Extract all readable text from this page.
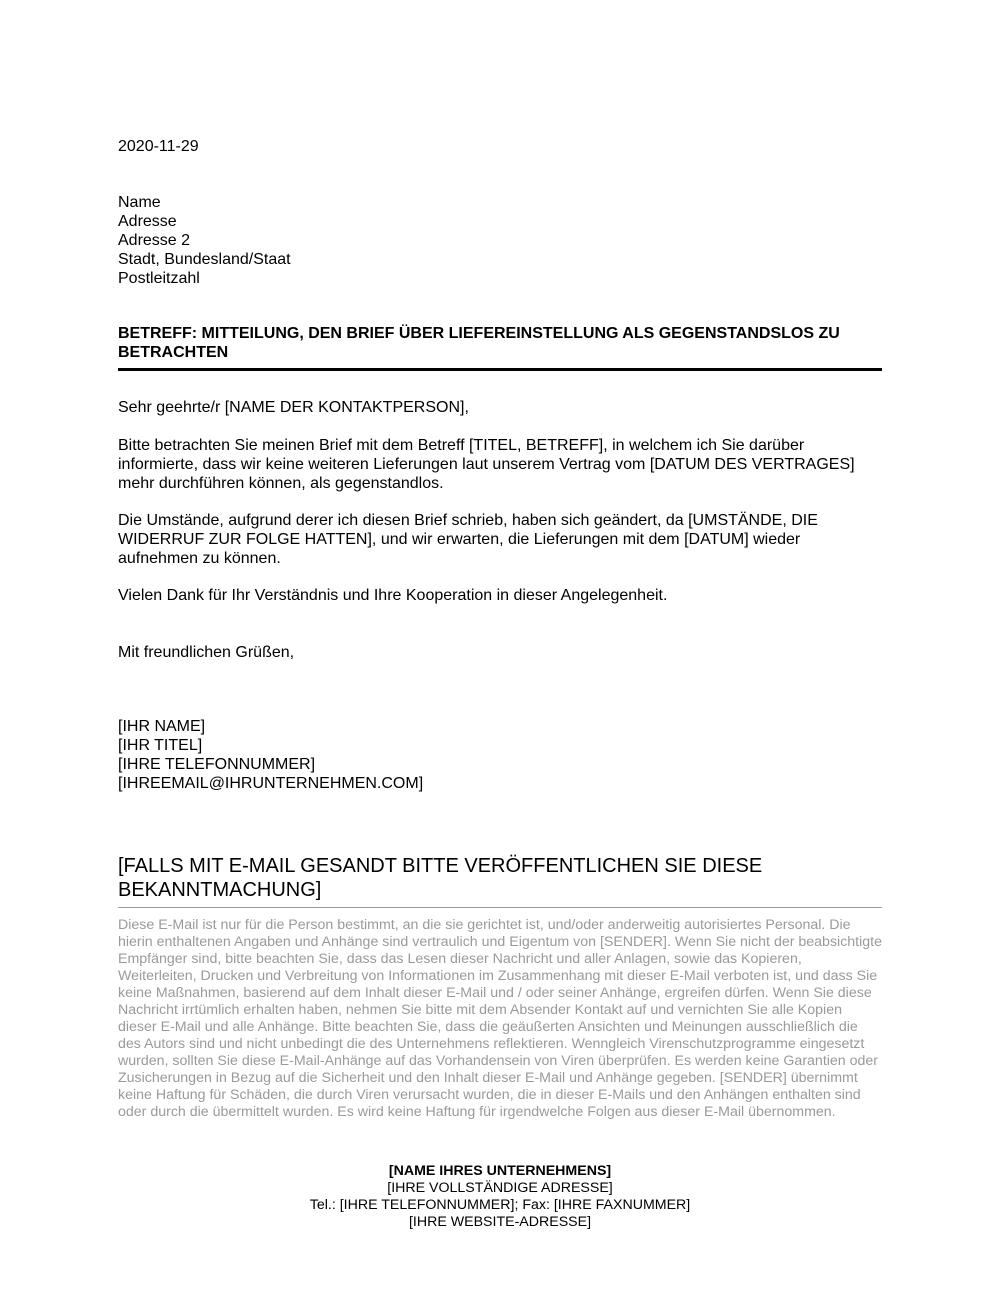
2020-11-29
Name
Adresse
Adresse 2
Stadt, Bundesland/Staat
Postleitzahl
BETREFF: MITTEILUNG, DEN BRIEF ÜBER LIEFEREINSTELLUNG ALS GEGENSTANDSLOS ZU BETRACHTEN
Sehr geehrte/r [NAME DER KONTAKTPERSON],
Bitte betrachten Sie meinen Brief mit dem Betreff [TITEL, BETREFF], in welchem ich Sie darüber informierte, dass wir keine weiteren Lieferungen laut unserem Vertrag vom [DATUM DES VERTRAGES] mehr durchführen können, als gegenstandlos.
Die Umstände, aufgrund derer ich diesen Brief schrieb, haben sich geändert, da [UMSTÄNDE, DIE WIDERRUF ZUR FOLGE HATTEN], und wir erwarten, die Lieferungen mit dem [DATUM] wieder aufnehmen zu können.
Vielen Dank für Ihr Verständnis und Ihre Kooperation in dieser Angelegenheit.
Mit freundlichen Grüßen,
[IHR NAME]
[IHR TITEL]
[IHRE TELEFONNUMMER]
[IHREEMAIL@IHRUNTERNEHMEN.COM]
[FALLS MIT E-MAIL GESANDT BITTE VERÖFFENTLICHEN SIE DIESE BEKANNTMACHUNG]
Diese E-Mail ist nur für die Person bestimmt, an die sie gerichtet ist, und/oder anderweitig autorisiertes Personal. Die hierin enthaltenen Angaben und Anhänge sind vertraulich und Eigentum von [SENDER]. Wenn Sie nicht der beabsichtigte Empfänger sind, bitte beachten Sie, dass das Lesen dieser Nachricht und aller Anlagen, sowie das Kopieren, Weiterleiten, Drucken und Verbreitung von Informationen im Zusammenhang mit dieser E-Mail verboten ist, und dass Sie keine Maßnahmen, basierend auf dem Inhalt dieser E-Mail und / oder seiner Anhänge, ergreifen dürfen. Wenn Sie diese Nachricht irrtümlich erhalten haben, nehmen Sie bitte mit dem Absender Kontakt auf und vernichten Sie alle Kopien dieser E-Mail und alle Anhänge. Bitte beachten Sie, dass die geäußerten Ansichten und Meinungen ausschließlich die des Autors sind und nicht unbedingt die des Unternehmens reflektieren. Wenngleich Virenschutzprogramme eingesetzt wurden, sollten Sie diese E-Mail-Anhänge auf das Vorhandensein von Viren überprüfen. Es werden keine Garantien oder Zusicherungen in Bezug auf die Sicherheit und den Inhalt dieser E-Mail und Anhänge gegeben. [SENDER] übernimmt keine Haftung für Schäden, die durch Viren verursacht wurden, die in dieser E-Mails und den Anhängen enthalten sind oder durch die übermittelt wurden. Es wird keine Haftung für irgendwelche Folgen aus dieser E-Mail übernommen.
[NAME IHRES UNTERNEHMENS]
[IHRE VOLLSTÄNDIGE ADRESSE]
Tel.: [IHRE TELEFONNUMMER]; Fax: [IHRE FAXNUMMER]
[IHRE WEBSITE-ADRESSE]
